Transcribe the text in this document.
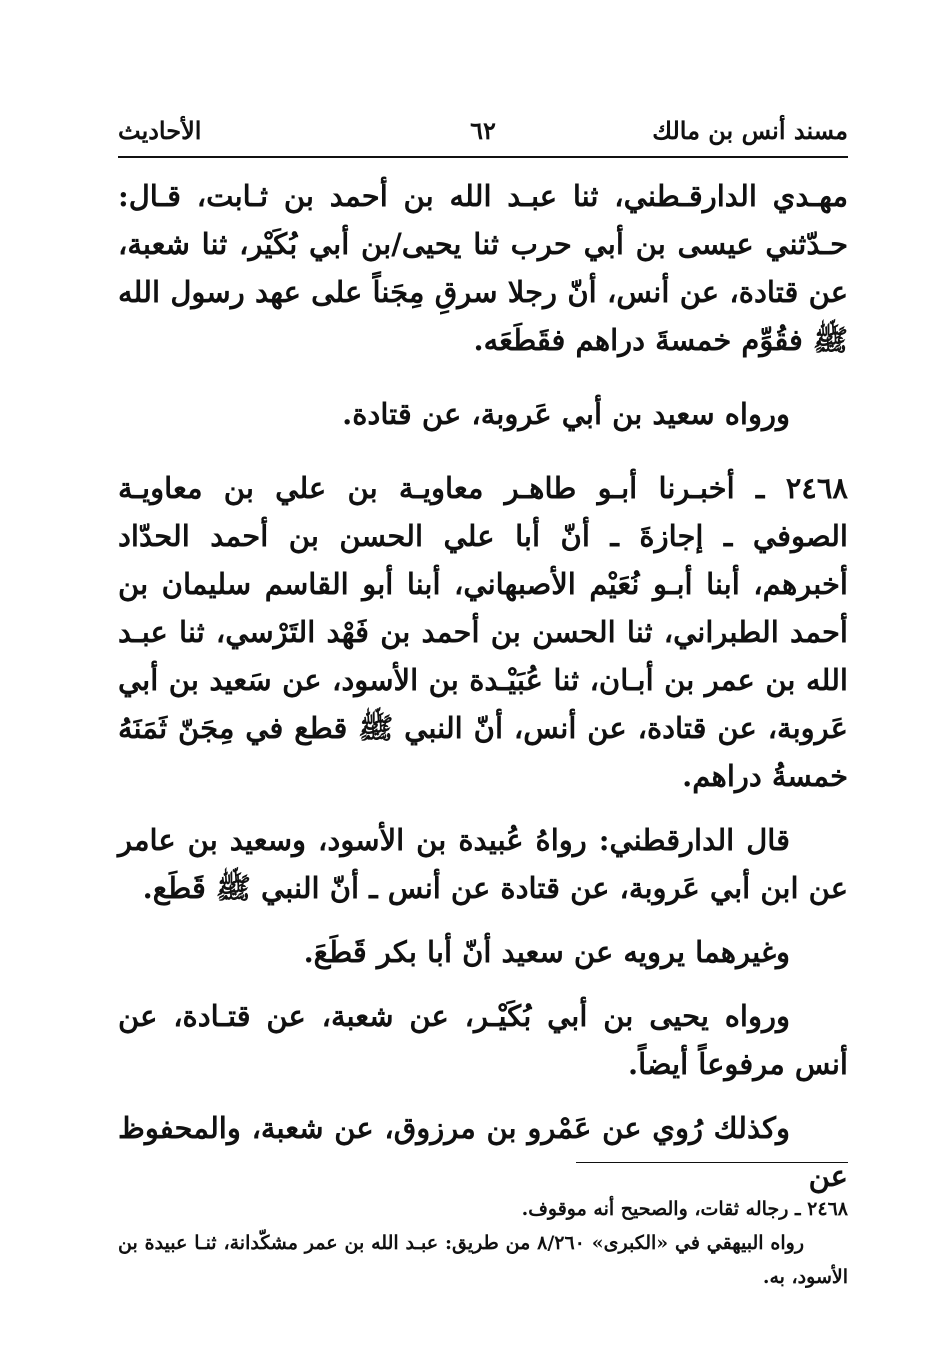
مسند أنس بن مالك
٦٢
الأحاديث

مهـدي الدارقـطني، ثنا عبـد الله بن أحمد بن ثـابت، قـال: حـدّثني عيسى بن أبي حرب ثنا يحيى/بن أبي بُكَيْر، ثنا شعبة، عن قتادة، عن أنس، أنّ رجلا سرقِ مِجَناً على عهد رسول الله ﷺ فقُوِّم خمسةَ دراهم فقَطَعَه.

ورواه سعيد بن أبي عَروبة، عن قتادة.

٢٤٦٨ ـ أخبـرنا أبـو طاهـر معاويـة بن علي بن معاويـة الصوفي ـ إجازةَ ـ أنّ أبا علي الحسن بن أحمد الحدّاد أخبرهم، أبنا أبـو نُعَيْم الأصبهاني، أبنا أبو القاسم سليمان بن أحمد الطبراني، ثنا الحسن بن أحمد بن فَهْد التَرْسي، ثنا عبـد الله بن عمر بن أبـان، ثنا عُبَيْـدة بن الأسود، عن سَعيد بن أبي عَروبة، عن قتادة، عن أنس، أنّ النبي ﷺ قطع في مِجَنّ ثَمَنَهُ خمسةُ دراهم.

قال الدارقطني: رواهُ عُبيدة بن الأسود، وسعيد بن عامر عن ابن أبي عَروبة، عن قتادة عن أنس ـ أنّ النبي ﷺ قَطَع.

وغيرهما يرويه عن سعيد أنّ أبا بكر قَطَعَ.

ورواه يحيى بن أبي بُكَيْـر، عن شعبة، عن قتـادة، عن أنس مرفوعاً أيضاً.

وكذلك رُوي عن عَمْرو بن مرزوق، عن شعبة، والمحفوظ عن

٢٤٦٨ ـ رجاله ثقات، والصحيح أنه موقوف.

رواه البيهقي في «الكبرى» ٨/٢٦٠ من طريق: عبـد الله بن عمر مشكّدانة، ثنـا عبيدة بن الأسود، به.
